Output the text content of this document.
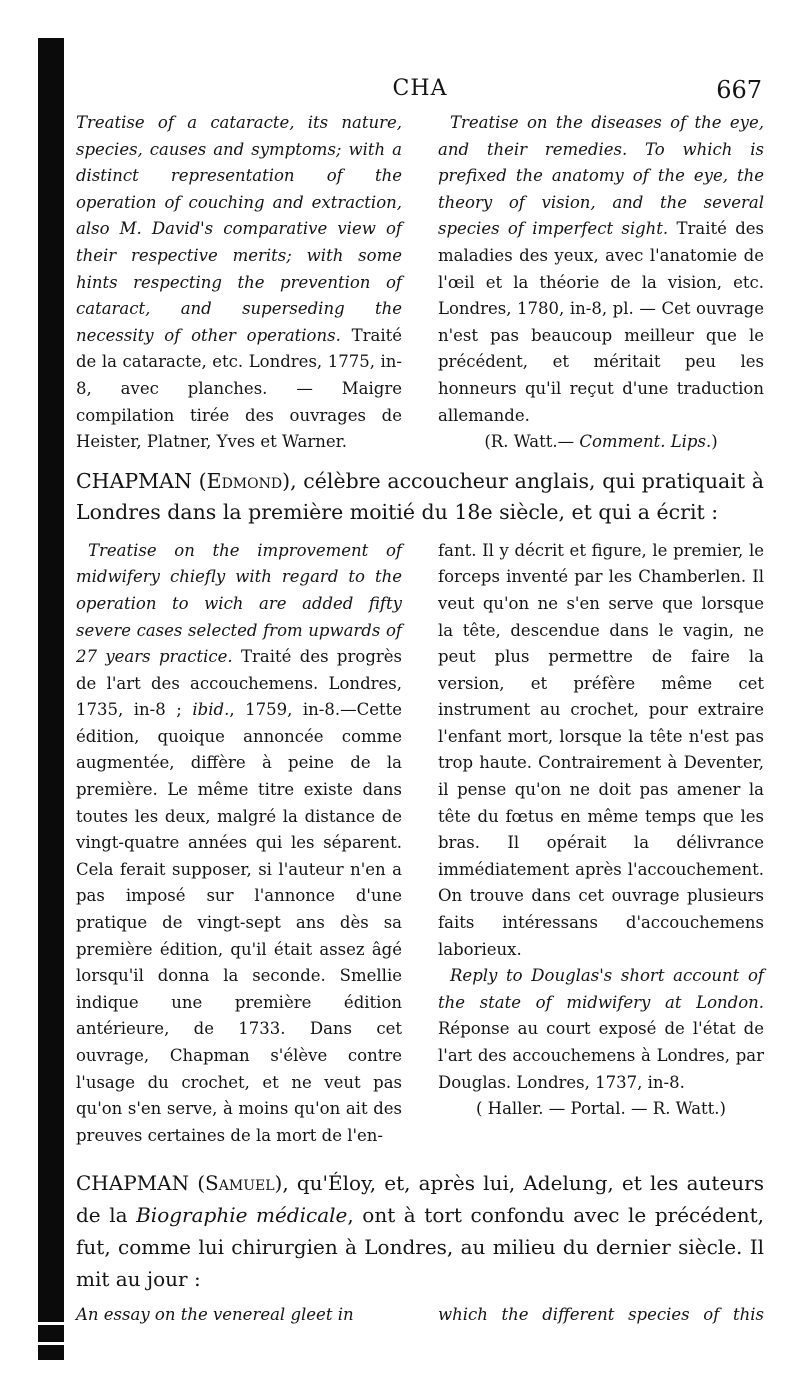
CHA	667

Treatise of a cataracte, its nature, species, causes and symptoms; with a distinct representation of the operation of couching and extraction, also M. David's comparative view of their respective merits; with some hints respecting the prevention of cataract, and superseding the necessity of other operations. Traité de la cataracte, etc. Londres, 1775, in-8, avec planches. — Maigre compilation tirée des ouvrages de Heister, Platner, Yves et Warner.

Treatise on the diseases of the eye, and their remedies. To which is prefixed the anatomy of the eye, the theory of vision, and the several species of imperfect sight. Traité des maladies des yeux, avec l'anatomie de l'œil et la théorie de la vision, etc. Londres, 1780, in-8, pl. — Cet ouvrage n'est pas beaucoup meilleur que le précédent, et méritait peu les honneurs qu'il reçut d'une traduction allemande.

(R. Watt.— Comment. Lips.)

CHAPMAN (Edmond), célèbre accoucheur anglais, qui pratiquait à Londres dans la première moitié du 18e siècle, et qui a écrit :

Treatise on the improvement of midwifery chiefly with regard to the operation to wich are added fifty severe cases selected from upwards of 27 years practice. Traité des progrès de l'art des accouchemens. Londres, 1735, in-8 ; ibid., 1759, in-8.—Cette édition, quoique annoncée comme augmentée, diffère à peine de la première. Le même titre existe dans toutes les deux, malgré la distance de vingt-quatre années qui les séparent. Cela ferait supposer, si l'auteur n'en a pas imposé sur l'annonce d'une pratique de vingt-sept ans dès sa première édition, qu'il était assez âgé lorsqu'il donna la seconde. Smellie indique une première édition antérieure, de 1733. Dans cet ouvrage, Chapman s'élève contre l'usage du crochet, et ne veut pas qu'on s'en serve, à moins qu'on ait des preuves certaines de la mort de l'en-

fant. Il y décrit et figure, le premier, le forceps inventé par les Chamberlen. Il veut qu'on ne s'en serve que lorsque la tête, descendue dans le vagin, ne peut plus permettre de faire la version, et préfère même cet instrument au crochet, pour extraire l'enfant mort, lorsque la tête n'est pas trop haute. Contrairement à Deventer, il pense qu'on ne doit pas amener la tête du fœtus en même temps que les bras. Il opérait la délivrance immédiatement après l'accouchement. On trouve dans cet ouvrage plusieurs faits intéressans d'accouchemens laborieux.

Reply to Douglas's short account of the state of midwifery at London. Réponse au court exposé de l'état de l'art des accouchemens à Londres, par Douglas. Londres, 1737, in-8.

( Haller. — Portal. — R. Watt.)

CHAPMAN (Samuel), qu'Éloy, et, après lui, Adelung, et les auteurs de la Biographie médicale, ont à tort confondu avec le précédent, fut, comme lui chirurgien à Londres, au milieu du dernier siècle. Il mit au jour :
An essay on the venereal gleet in	which the different species of this
